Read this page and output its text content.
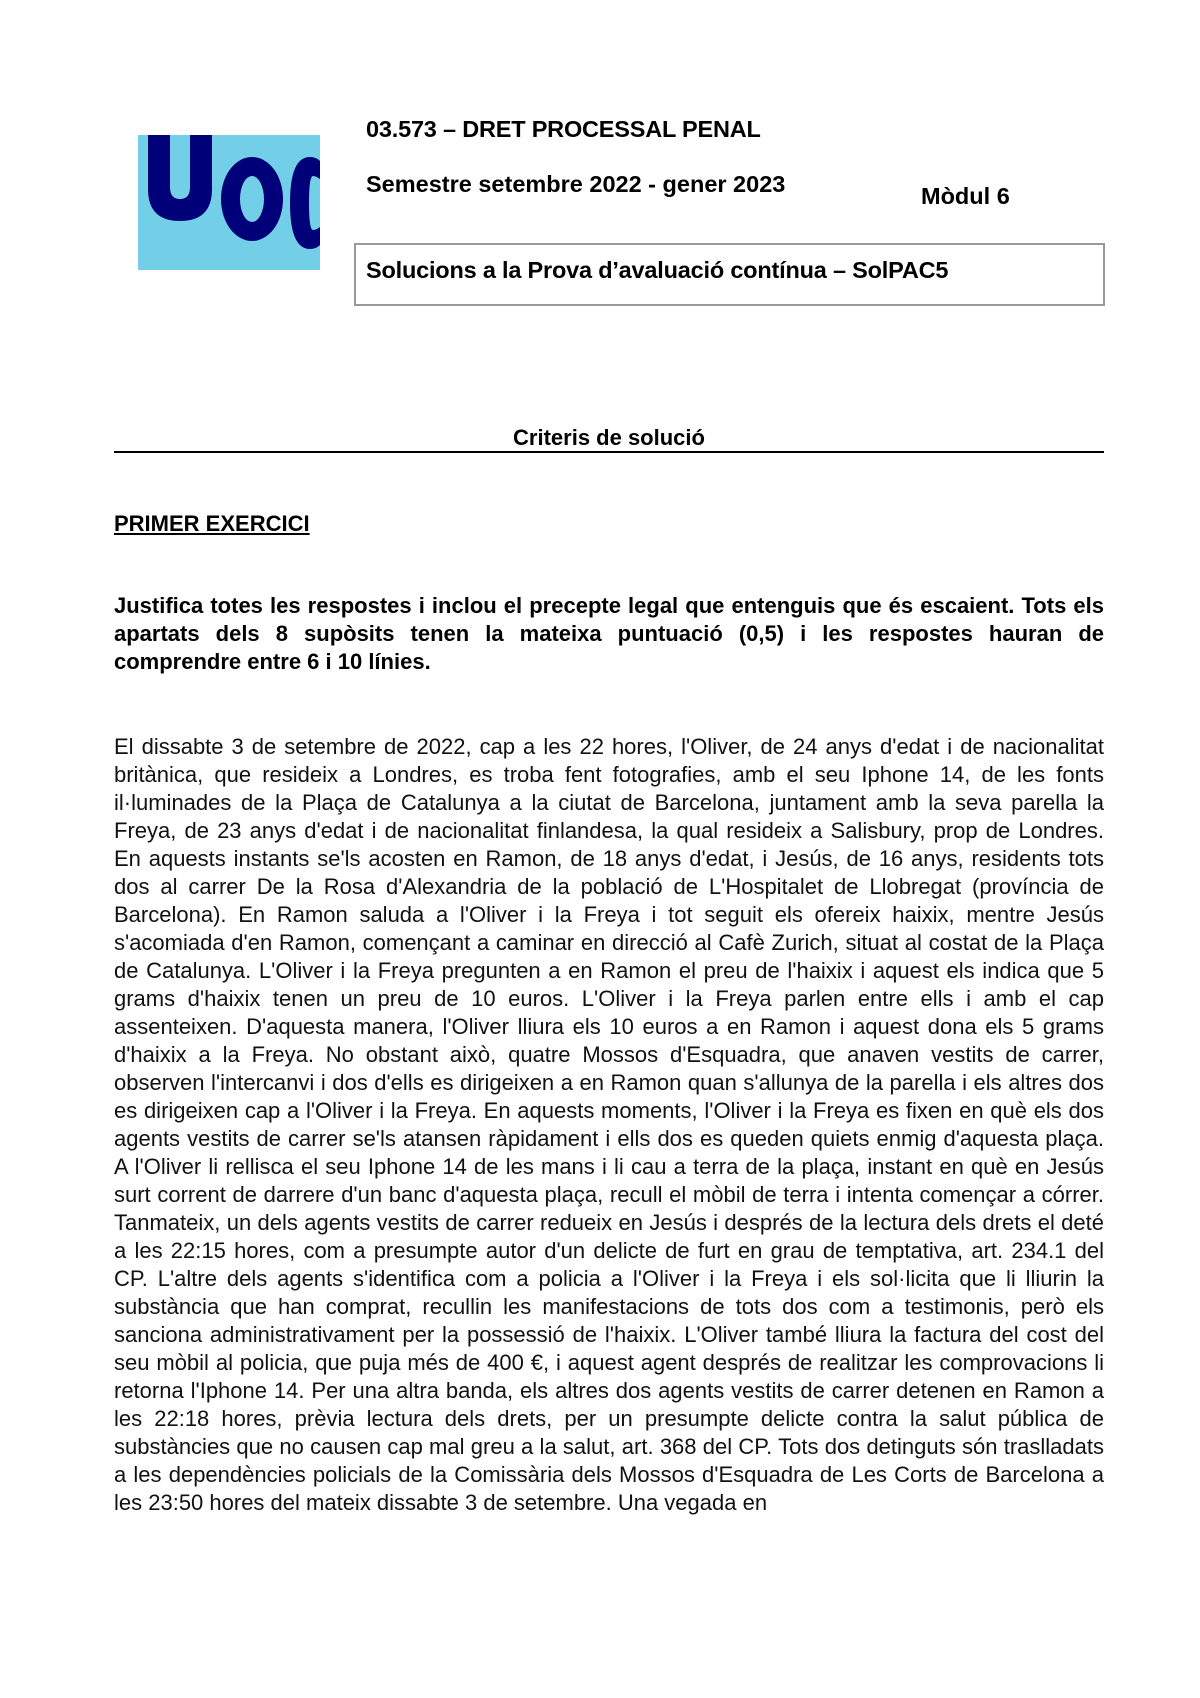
03.573 – DRET PROCESSAL PENAL
Semestre setembre 2022 - gener 2023	Mòdul 6
Solucions a la Prova d’avaluació contínua – SolPAC5
Criteris de solució
PRIMER EXERCICI
Justifica totes les respostes i inclou el precepte legal que entenguis que és escaient. Tots els apartats dels 8 supòsits tenen la mateixa puntuació (0,5) i les respostes hauran de comprendre entre 6 i 10 línies.
El dissabte 3 de setembre de 2022, cap a les 22 hores, l'Oliver, de 24 anys d'edat i de nacionalitat britànica, que resideix a Londres, es troba fent fotografies, amb el seu Iphone 14, de les fonts il·luminades de la Plaça de Catalunya a la ciutat de Barcelona, juntament amb la seva parella la Freya, de 23 anys d'edat i de nacionalitat finlandesa, la qual resideix a Salisbury, prop de Londres. En aquests instants se'ls acosten en Ramon, de 18 anys d'edat, i Jesús, de 16 anys, residents tots dos al carrer De la Rosa d'Alexandria de la població de L'Hospitalet de Llobregat (província de Barcelona). En Ramon saluda a l'Oliver i la Freya i tot seguit els ofereix haixix, mentre Jesús s'acomiada d'en Ramon, començant a caminar en direcció al Cafè Zurich, situat al costat de la Plaça de Catalunya. L'Oliver i la Freya pregunten a en Ramon el preu de l'haixix i aquest els indica que 5 grams d'haixix tenen un preu de 10 euros. L'Oliver i la Freya parlen entre ells i amb el cap assenteixen. D'aquesta manera, l'Oliver lliura els 10 euros a en Ramon i aquest dona els 5 grams d'haixix a la Freya. No obstant això, quatre Mossos d'Esquadra, que anaven vestits de carrer, observen l'intercanvi i dos d'ells es dirigeixen a en Ramon quan s'allunya de la parella i els altres dos es dirigeixen cap a l'Oliver i la Freya. En aquests moments, l'Oliver i la Freya es fixen en què els dos agents vestits de carrer se'ls atansen ràpidament i ells dos es queden quiets enmig d'aquesta plaça. A l'Oliver li rellisca el seu Iphone 14 de les mans i li cau a terra de la plaça, instant en què en Jesús surt corrent de darrere d'un banc d'aquesta plaça, recull el mòbil de terra i intenta començar a córrer. Tanmateix, un dels agents vestits de carrer redueix en Jesús i després de la lectura dels drets el deté a les 22:15 hores, com a presumpte autor d'un delicte de furt en grau de temptativa, art. 234.1 del CP. L'altre dels agents s'identifica com a policia a l'Oliver i la Freya i els sol·licita que li lliurin la substància que han comprat, recullin les manifestacions de tots dos com a testimonis, però els sanciona administrativament per la possessió de l'haixix. L'Oliver també lliura la factura del cost del seu mòbil al policia, que puja més de 400 €, i aquest agent després de realitzar les comprovacions li retorna l'Iphone 14. Per una altra banda, els altres dos agents vestits de carrer detenen en Ramon a les 22:18 hores, prèvia lectura dels drets, per un presumpte delicte contra la salut pública de substàncies que no causen cap mal greu a la salut, art. 368 del CP. Tots dos detinguts són traslladats a les dependències policials de la Comissària dels Mossos d'Esquadra de Les Corts de Barcelona a les 23:50 hores del mateix dissabte 3 de setembre. Una vegada en
